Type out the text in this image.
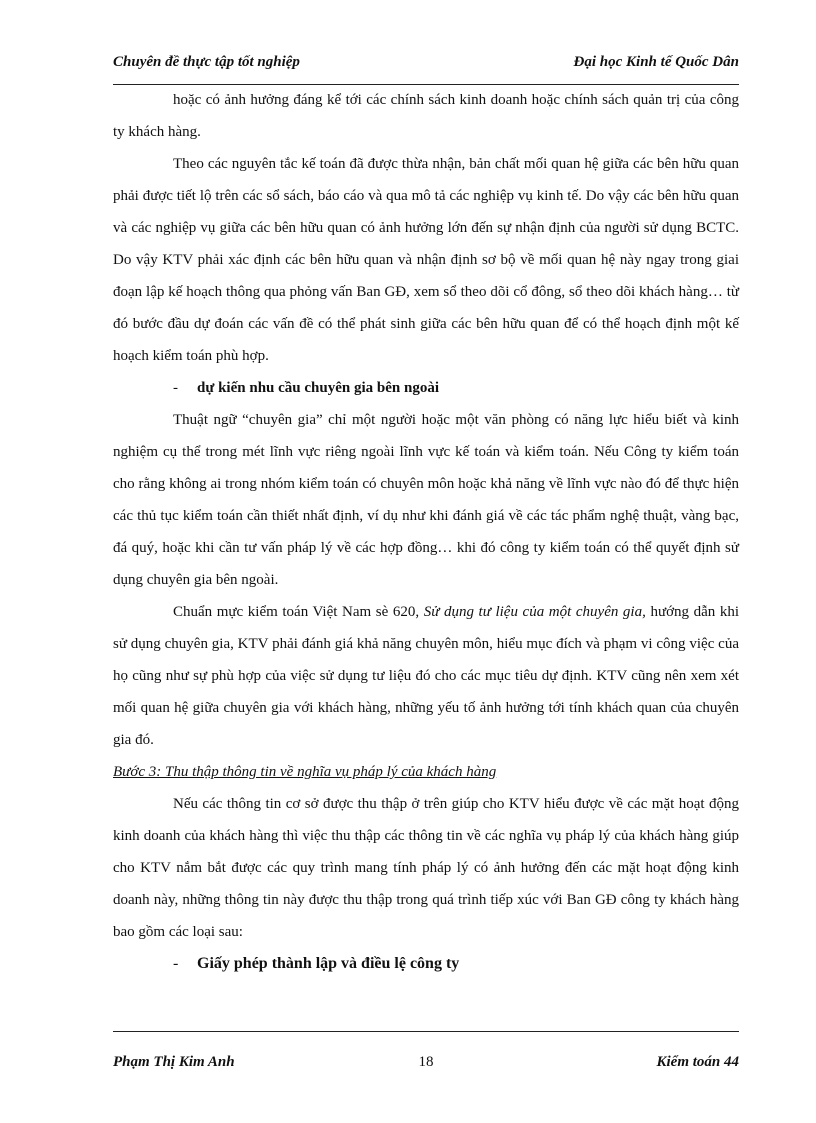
Chuyên đề thực tập tốt nghiệp	Đại học Kinh tế Quốc Dân

hoặc có ảnh hưởng đáng kể tới các chính sách kinh doanh hoặc chính sách quản trị của công ty khách hàng.

Theo các nguyên tắc kế toán đã được thừa nhận, bản chất mối quan hệ giữa các bên hữu quan phải được tiết lộ trên các sổ sách, báo cáo và qua mô tả các nghiệp vụ kinh tế. Do vậy các bên hữu quan và các nghiệp vụ giữa các bên hữu quan có ảnh hưởng lớn đến sự nhận định của người sử dụng BCTC. Do vậy KTV phải xác định các bên hữu quan và nhận định sơ bộ về mối quan hệ này ngay trong giai đoạn lập kế hoạch thông qua phỏng vấn Ban GĐ, xem sổ theo dõi cổ đông, sổ theo dõi khách hàng… từ đó bước đầu dự đoán các vấn đề có thể phát sinh giữa các bên hữu quan để có thể hoạch định một kế hoạch kiểm toán phù hợp.

- dự kiến nhu cầu chuyên gia bên ngoài

Thuật ngữ “chuyên gia” chỉ một người hoặc một văn phòng có năng lực hiểu biết và kinh nghiệm cụ thể trong mét lĩnh vực riêng ngoài lĩnh vực kế toán và kiểm toán. Nếu Công ty kiểm toán cho rằng không ai trong nhóm kiểm toán có chuyên môn hoặc khả năng về lĩnh vực nào đó để thực hiện các thủ tục kiểm toán cần thiết nhất định, ví dụ như khi đánh giá về các tác phẩm nghệ thuật, vàng bạc, đá quý, hoặc khi cần tư vấn pháp lý về các hợp đồng… khi đó công ty kiểm toán có thể quyết định sử dụng chuyên gia bên ngoài.

Chuẩn mực kiểm toán Việt Nam sè 620, Sử dụng tư liệu của một chuyên gia, hướng dẫn khi sử dụng chuyên gia, KTV phải đánh giá khả năng chuyên môn, hiểu mục đích và phạm vi công việc của họ cũng như sự phù hợp của việc sử dụng tư liệu đó cho các mục tiêu dự định. KTV cũng nên xem xét mối quan hệ giữa chuyên gia với khách hàng, những yếu tố ảnh hưởng tới tính khách quan của chuyên gia đó.

Bước 3: Thu thập thông tin về nghĩa vụ pháp lý của khách hàng

Nếu các thông tin cơ sở được thu thập ở trên giúp cho KTV hiểu được về các mặt hoạt động kinh doanh của khách hàng thì việc thu thập các thông tin về các nghĩa vụ pháp lý của khách hàng giúp cho KTV nắm bắt được các quy trình mang tính pháp lý có ảnh hưởng đến các mặt hoạt động kinh doanh này, những thông tin này được thu thập trong quá trình tiếp xúc với Ban GĐ công ty khách hàng bao gồm các loại sau:

- Giấy phép thành lập và điều lệ công ty

Phạm Thị Kim Anh	18	Kiểm toán 44
